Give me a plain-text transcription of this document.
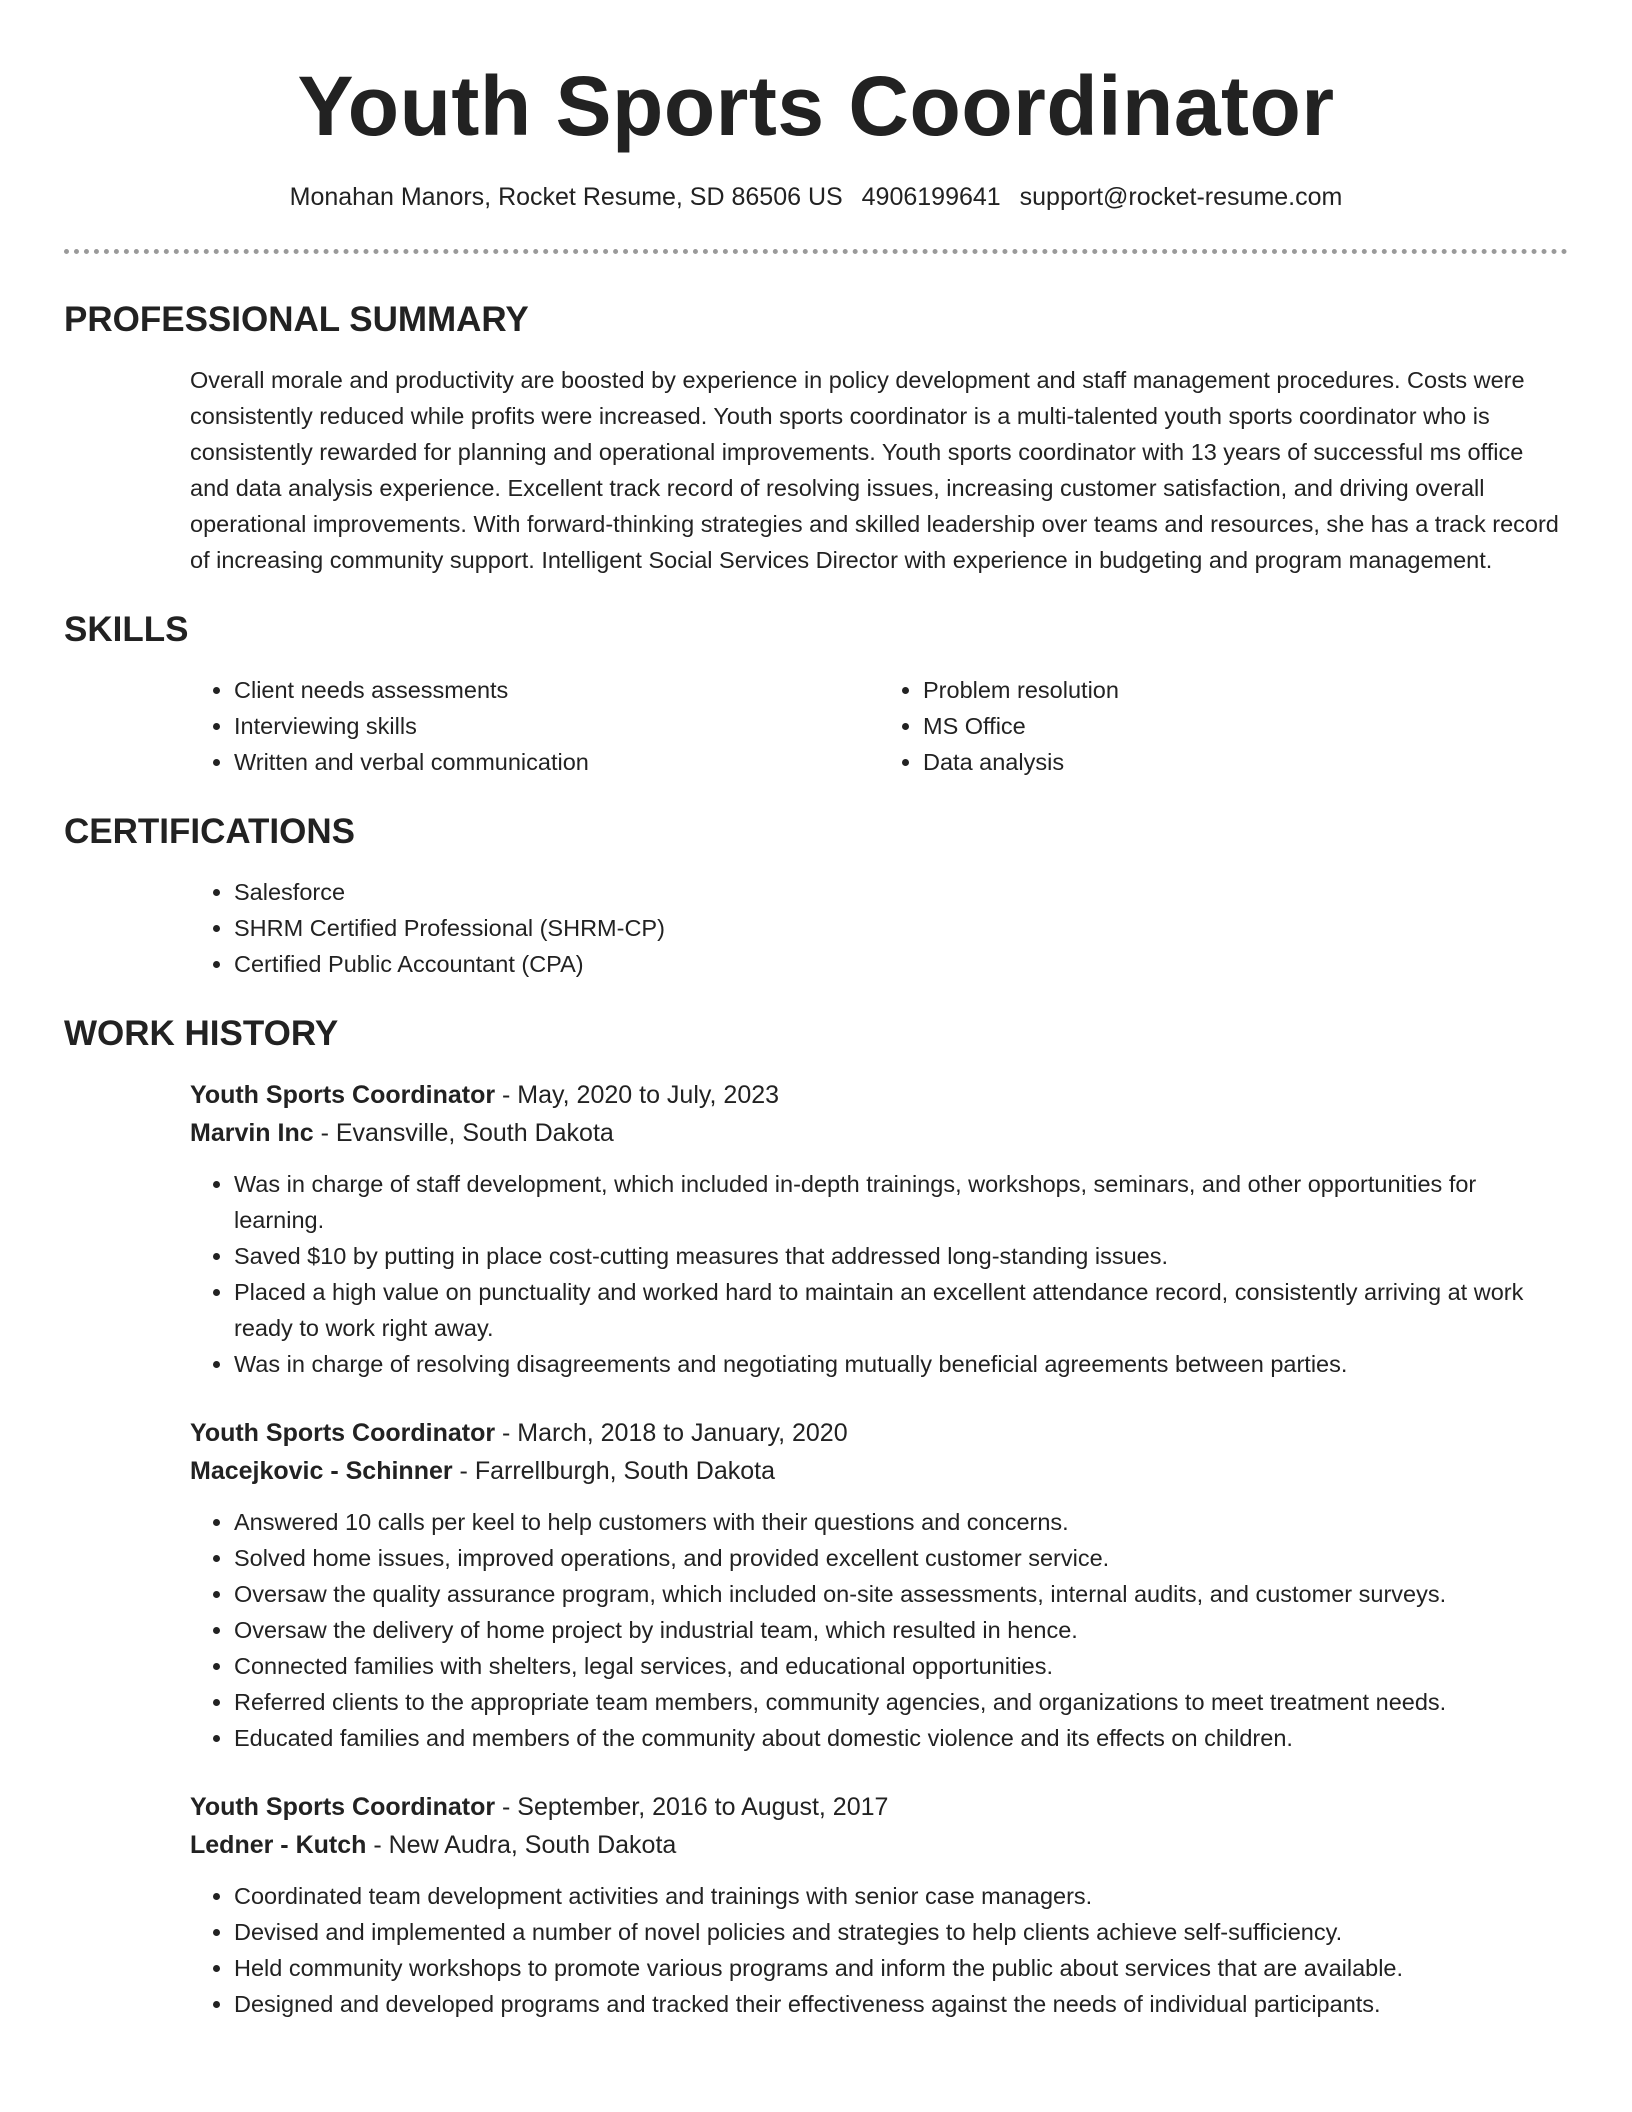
Youth Sports Coordinator
Monahan Manors, Rocket Resume, SD 86506 US 4906199641 support@rocket-resume.com
PROFESSIONAL SUMMARY
Overall morale and productivity are boosted by experience in policy development and staff management procedures. Costs were consistently reduced while profits were increased. Youth sports coordinator is a multi-talented youth sports coordinator who is consistently rewarded for planning and operational improvements. Youth sports coordinator with 13 years of successful ms office and data analysis experience. Excellent track record of resolving issues, increasing customer satisfaction, and driving overall operational improvements. With forward-thinking strategies and skilled leadership over teams and resources, she has a track record of increasing community support. Intelligent Social Services Director with experience in budgeting and program management.
SKILLS
• Client needs assessments
• Interviewing skills
• Written and verbal communication
• Problem resolution
• MS Office
• Data analysis
CERTIFICATIONS
• Salesforce
• SHRM Certified Professional (SHRM-CP)
• Certified Public Accountant (CPA)
WORK HISTORY
Youth Sports Coordinator - May, 2020 to July, 2023
Marvin Inc - Evansville, South Dakota
• Was in charge of staff development, which included in-depth trainings, workshops, seminars, and other opportunities for learning.
• Saved $10 by putting in place cost-cutting measures that addressed long-standing issues.
• Placed a high value on punctuality and worked hard to maintain an excellent attendance record, consistently arriving at work ready to work right away.
• Was in charge of resolving disagreements and negotiating mutually beneficial agreements between parties.
Youth Sports Coordinator - March, 2018 to January, 2020
Macejkovic - Schinner - Farrellburgh, South Dakota
• Answered 10 calls per keel to help customers with their questions and concerns.
• Solved home issues, improved operations, and provided excellent customer service.
• Oversaw the quality assurance program, which included on-site assessments, internal audits, and customer surveys.
• Oversaw the delivery of home project by industrial team, which resulted in hence.
• Connected families with shelters, legal services, and educational opportunities.
• Referred clients to the appropriate team members, community agencies, and organizations to meet treatment needs.
• Educated families and members of the community about domestic violence and its effects on children.
Youth Sports Coordinator - September, 2016 to August, 2017
Ledner - Kutch - New Audra, South Dakota
• Coordinated team development activities and trainings with senior case managers.
• Devised and implemented a number of novel policies and strategies to help clients achieve self-sufficiency.
• Held community workshops to promote various programs and inform the public about services that are available.
• Designed and developed programs and tracked their effectiveness against the needs of individual participants.
